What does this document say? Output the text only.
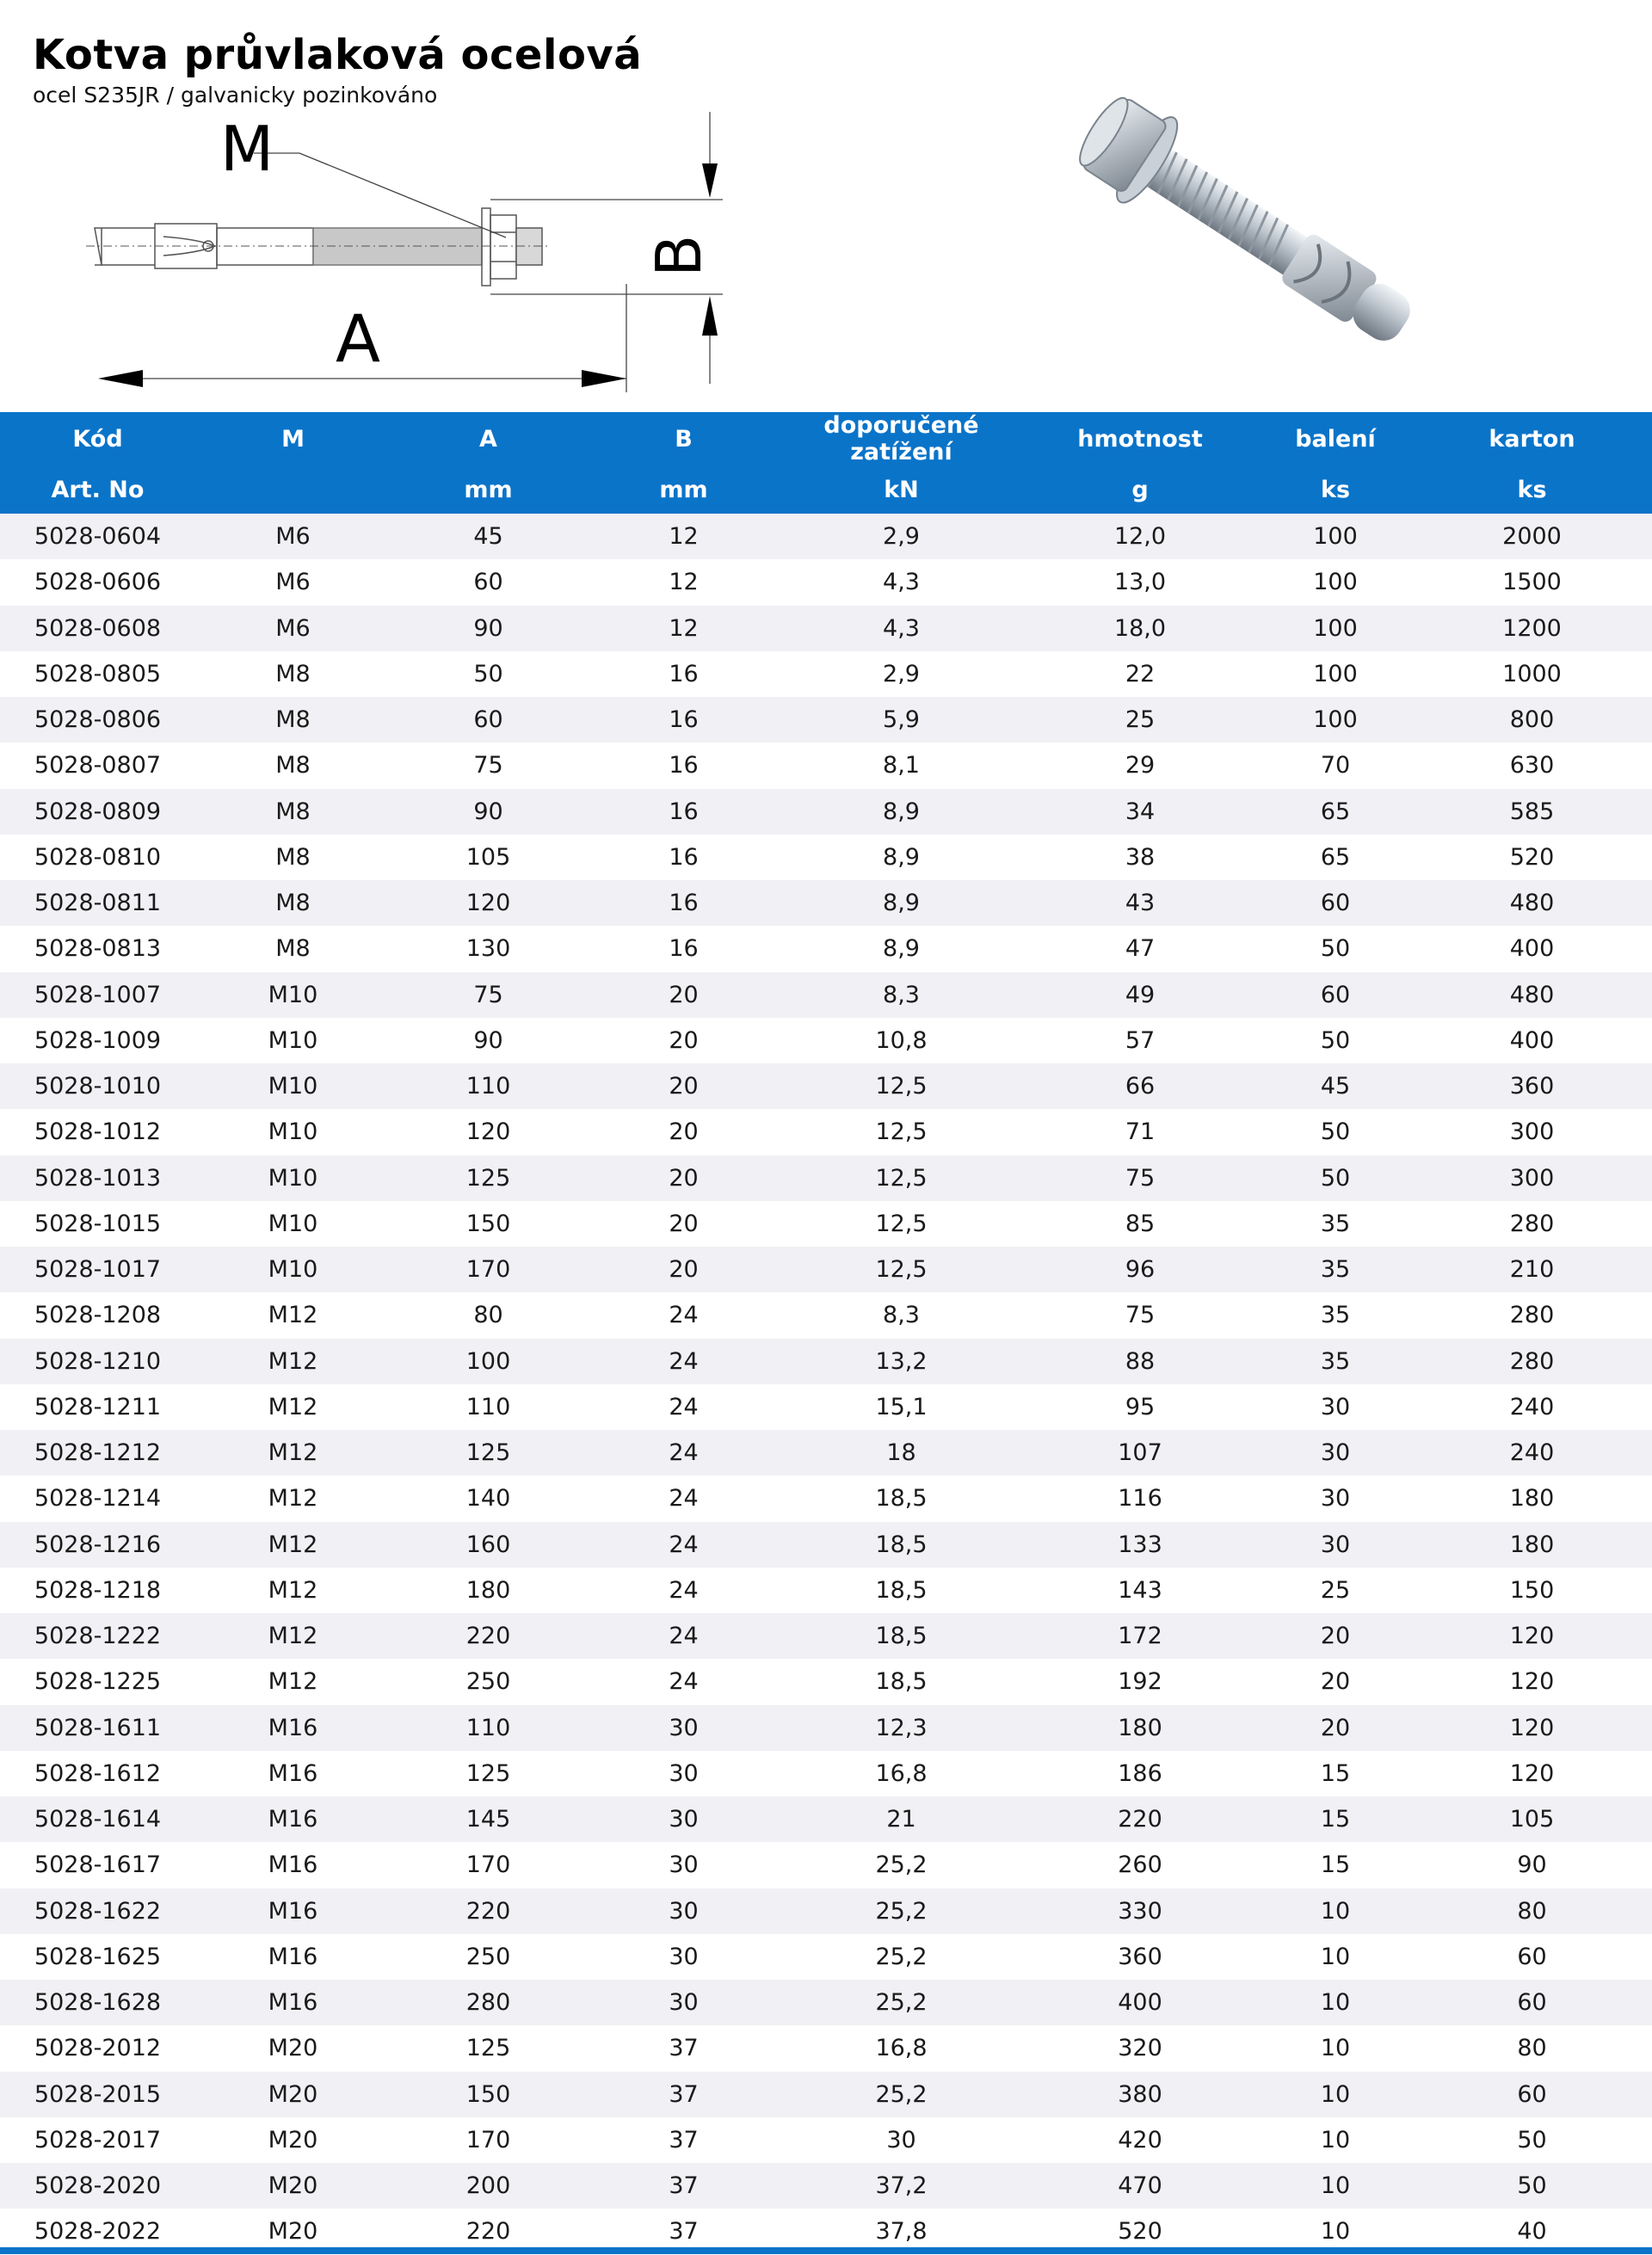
Kotva průvlaková ocelová
ocel S235JR / galvanicky pozinkováno
M
B
A
Kód	M	A	B	doporučené zatížení	hmotnost	balení	karton
Art. No		mm	mm	kN	g	ks	ks
5028-0604	M6	45	12	2,9	12,0	100	2000
5028-0606	M6	60	12	4,3	13,0	100	1500
5028-0608	M6	90	12	4,3	18,0	100	1200
5028-0805	M8	50	16	2,9	22	100	1000
5028-0806	M8	60	16	5,9	25	100	800
5028-0807	M8	75	16	8,1	29	70	630
5028-0809	M8	90	16	8,9	34	65	585
5028-0810	M8	105	16	8,9	38	65	520
5028-0811	M8	120	16	8,9	43	60	480
5028-0813	M8	130	16	8,9	47	50	400
5028-1007	M10	75	20	8,3	49	60	480
5028-1009	M10	90	20	10,8	57	50	400
5028-1010	M10	110	20	12,5	66	45	360
5028-1012	M10	120	20	12,5	71	50	300
5028-1013	M10	125	20	12,5	75	50	300
5028-1015	M10	150	20	12,5	85	35	280
5028-1017	M10	170	20	12,5	96	35	210
5028-1208	M12	80	24	8,3	75	35	280
5028-1210	M12	100	24	13,2	88	35	280
5028-1211	M12	110	24	15,1	95	30	240
5028-1212	M12	125	24	18	107	30	240
5028-1214	M12	140	24	18,5	116	30	180
5028-1216	M12	160	24	18,5	133	30	180
5028-1218	M12	180	24	18,5	143	25	150
5028-1222	M12	220	24	18,5	172	20	120
5028-1225	M12	250	24	18,5	192	20	120
5028-1611	M16	110	30	12,3	180	20	120
5028-1612	M16	125	30	16,8	186	15	120
5028-1614	M16	145	30	21	220	15	105
5028-1617	M16	170	30	25,2	260	15	90
5028-1622	M16	220	30	25,2	330	10	80
5028-1625	M16	250	30	25,2	360	10	60
5028-1628	M16	280	30	25,2	400	10	60
5028-2012	M20	125	37	16,8	320	10	80
5028-2015	M20	150	37	25,2	380	10	60
5028-2017	M20	170	37	30	420	10	50
5028-2020	M20	200	37	37,2	470	10	50
5028-2022	M20	220	37	37,8	520	10	40
